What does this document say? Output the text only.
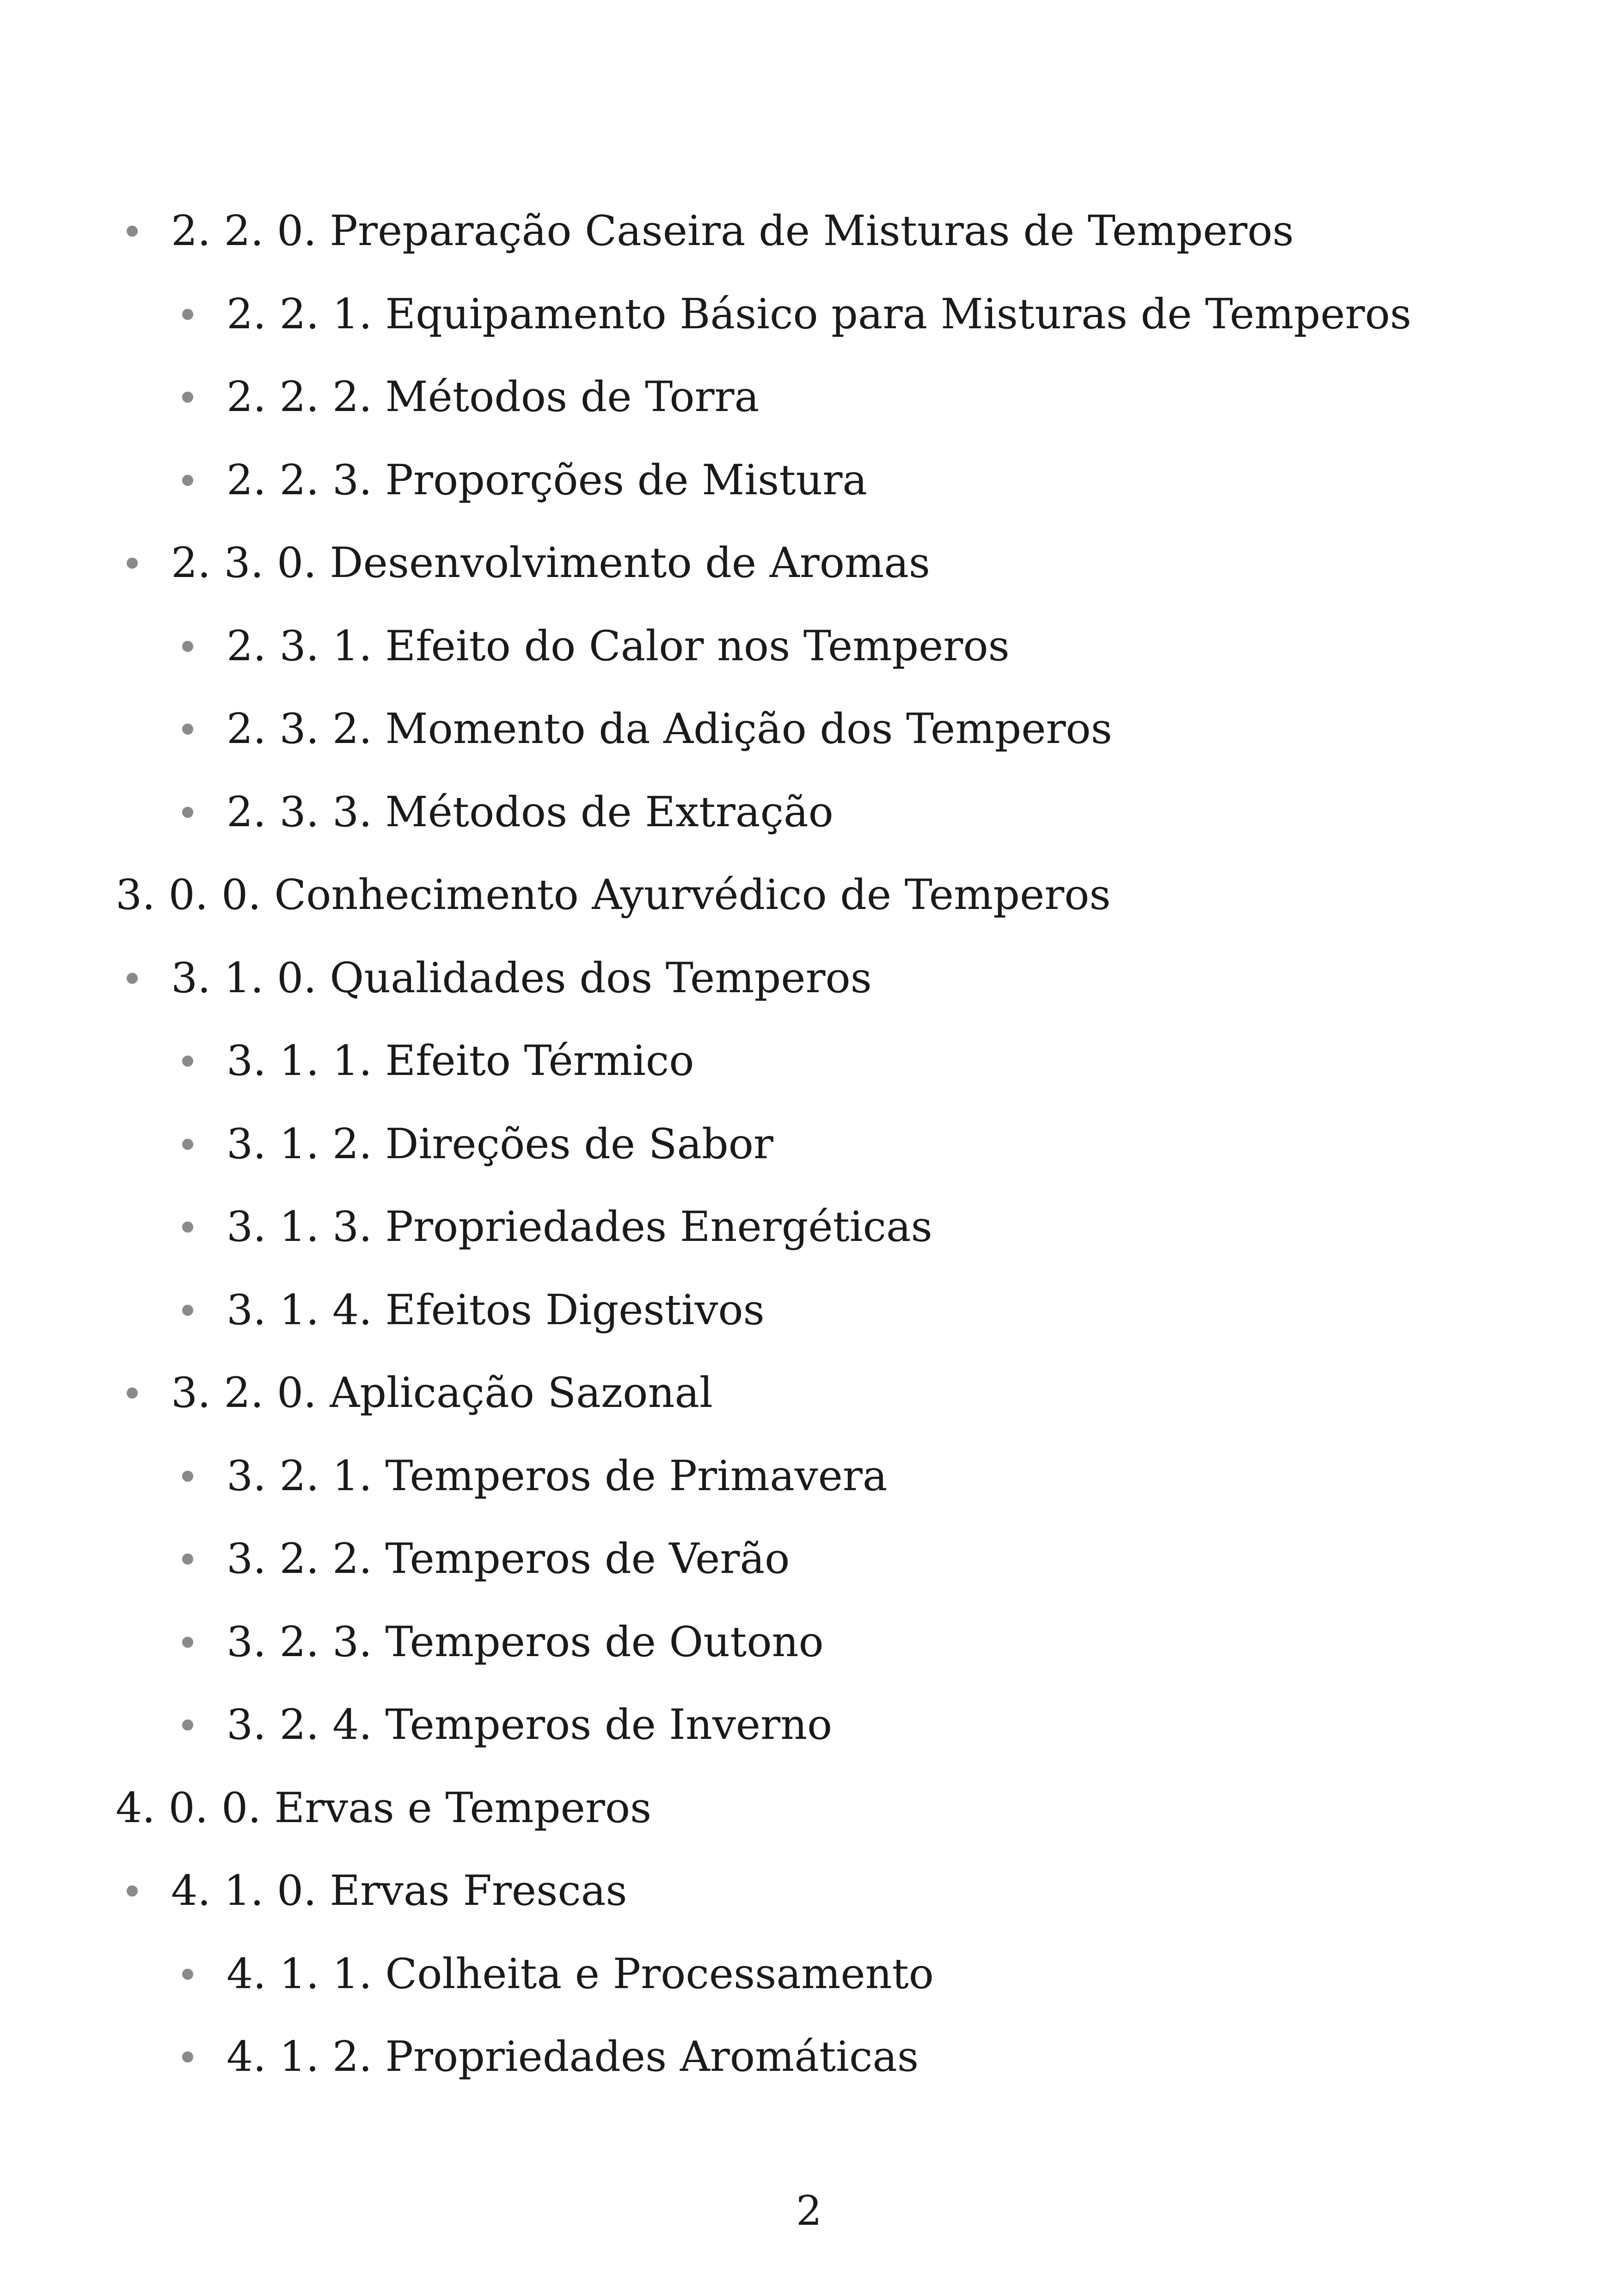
2. 2. 0. Preparação Caseira de Misturas de Temperos
2. 2. 1. Equipamento Básico para Misturas de Temperos
2. 2. 2. Métodos de Torra
2. 2. 3. Proporções de Mistura
2. 3. 0. Desenvolvimento de Aromas
2. 3. 1. Efeito do Calor nos Temperos
2. 3. 2. Momento da Adição dos Temperos
2. 3. 3. Métodos de Extração
3. 0. 0. Conhecimento Ayurvédico de Temperos
3. 1. 0. Qualidades dos Temperos
3. 1. 1. Efeito Térmico
3. 1. 2. Direções de Sabor
3. 1. 3. Propriedades Energéticas
3. 1. 4. Efeitos Digestivos
3. 2. 0. Aplicação Sazonal
3. 2. 1. Temperos de Primavera
3. 2. 2. Temperos de Verão
3. 2. 3. Temperos de Outono
3. 2. 4. Temperos de Inverno
4. 0. 0. Ervas e Temperos
4. 1. 0. Ervas Frescas
4. 1. 1. Colheita e Processamento
4. 1. 2. Propriedades Aromáticas
2
